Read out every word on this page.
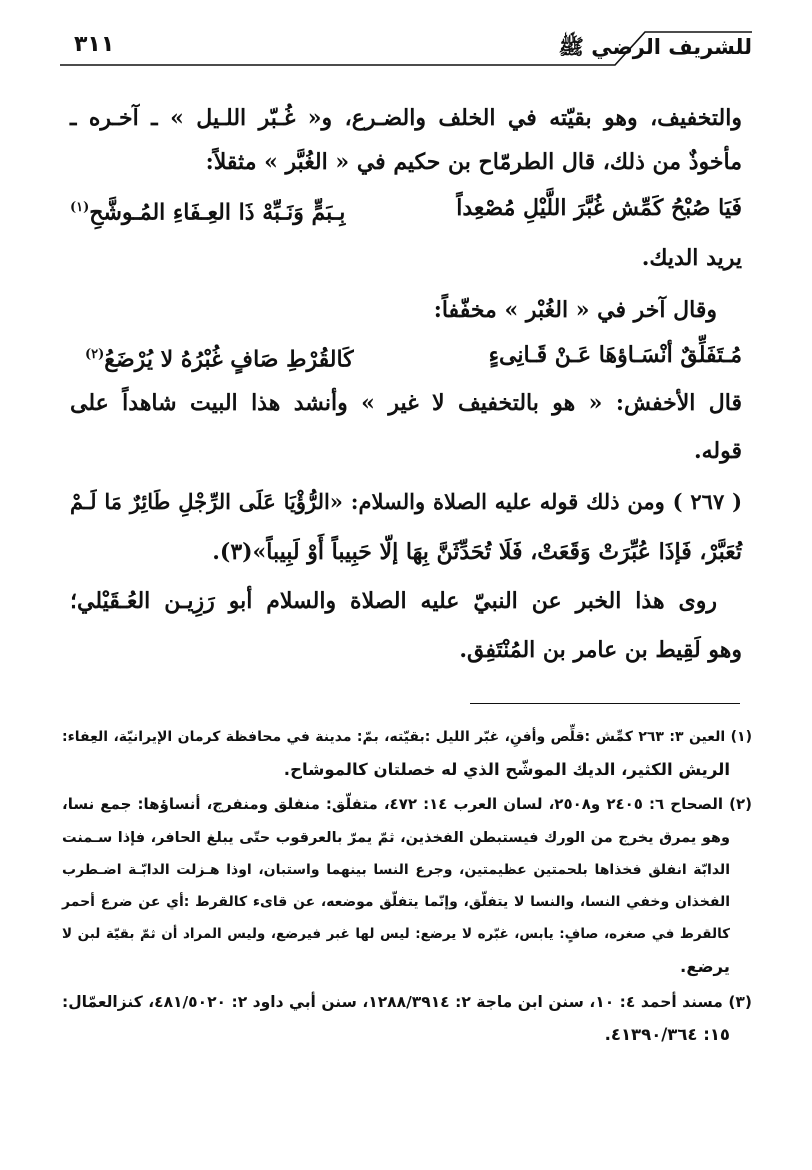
للشريف الرضي ﷺ
٣١١
والتخفيف، وهو بقيّته في الخلف والضـرع، و« غُـبّر اللـيل » ـ آخـره ـ
مأخوذٌ من ذلك، قال الطرمّاح بن حكيم في « الغُبَّر » مثقلاً:
فَيَا صُبْحُ كَمِّش غُبَّرَ اللَّيْلِ مُصْعِداً
بِـبَمٍّ وَنَـبِّهْ ذَا العِـفَاءِ المُـوشَّحِ$^{(١)}$
يريد الديك.
وقال آخر في « الغُبْر » مخفّفاً:
مُـتَفَلِّقٌ أنْسَـاؤهَا عَـنْ قَـانِىءٍ
كَالقُرْطِ صَافٍ غُبْرُهُ لا يُرْضَعُ$^{(٢)}$
قال الأخفش: « هو بالتخفيف لا غير » وأنشد هذا البيت شاهداً على
قوله.
( ٢٦٧ ) ومن ذلك قوله عليه الصلاة والسلام: «الرُّؤْيَا عَلَى الرِّجْلِ طَائِرٌ مَا لَـمْ
تُعَبَّرْ، فَإذَا عُبِّرَتْ وَقَعَتْ، فَلَا تُحَدِّثَنَّ بِهَا إلّا حَبِيباً أَوْ لَبِيباً»(٣).
روى هذا الخبر عن النبيّ عليه الصلاة والسلام أبو رَزِيـن العُـقَيْلي؛
وهو لَقِيط بن عامر بن المُنْتَفِق.
(١) العين ٣: ٢٦٣ كمِّش :قلِّص وأفنِ، غبّر الليل :بقيّته، بمّ: مدينة في محافظة كرمان الإيرانيّة، العِفاء:
الريش الكثير، الديك الموشّح الذي له خصلتان كالموشاح.
(٢) الصحاح ٦: ٢٤٠٥ و٢٥٠٨، لسان العرب ١٤: ٤٧٢، متفلّق: منفلق ومنفرج، أنساؤها: جمع نسا،
وهو يمرق يخرج من الورك فيستبطن الفخذين، ثمّ يمرّ بالعرقوب حتّى يبلغ الحافر، فإذا سـمنت
الدابّة انفلق فخذاها بلحمتين عظيمتين، وجرع النسا بينهما واستبان، اوذا هـزلت الدابّـة اضـطرب
الفخذان وخفي النسا، والنسا لا يتفلّق، وإنّما يتفلّق موضعه، عن قاىء كالقرط :أي عن ضرع أحمر
كالقرط في صغره، صافٍ: يابس، غبّره لا يرضع: ليس لها غبر فيرضع، وليس المراد أن ثمّ بقيّة لبن لا
يرضع.
(٣) مسند أحمد ٤: ١٠، سنن ابن ماجة ٢: ١٢٨٨/٣٩١٤، سنن أبي داود ٢: ٤٨١/٥٠٢٠، كنزالعمّال:
١٥: ٤١٣٩٠/٣٦٤.
